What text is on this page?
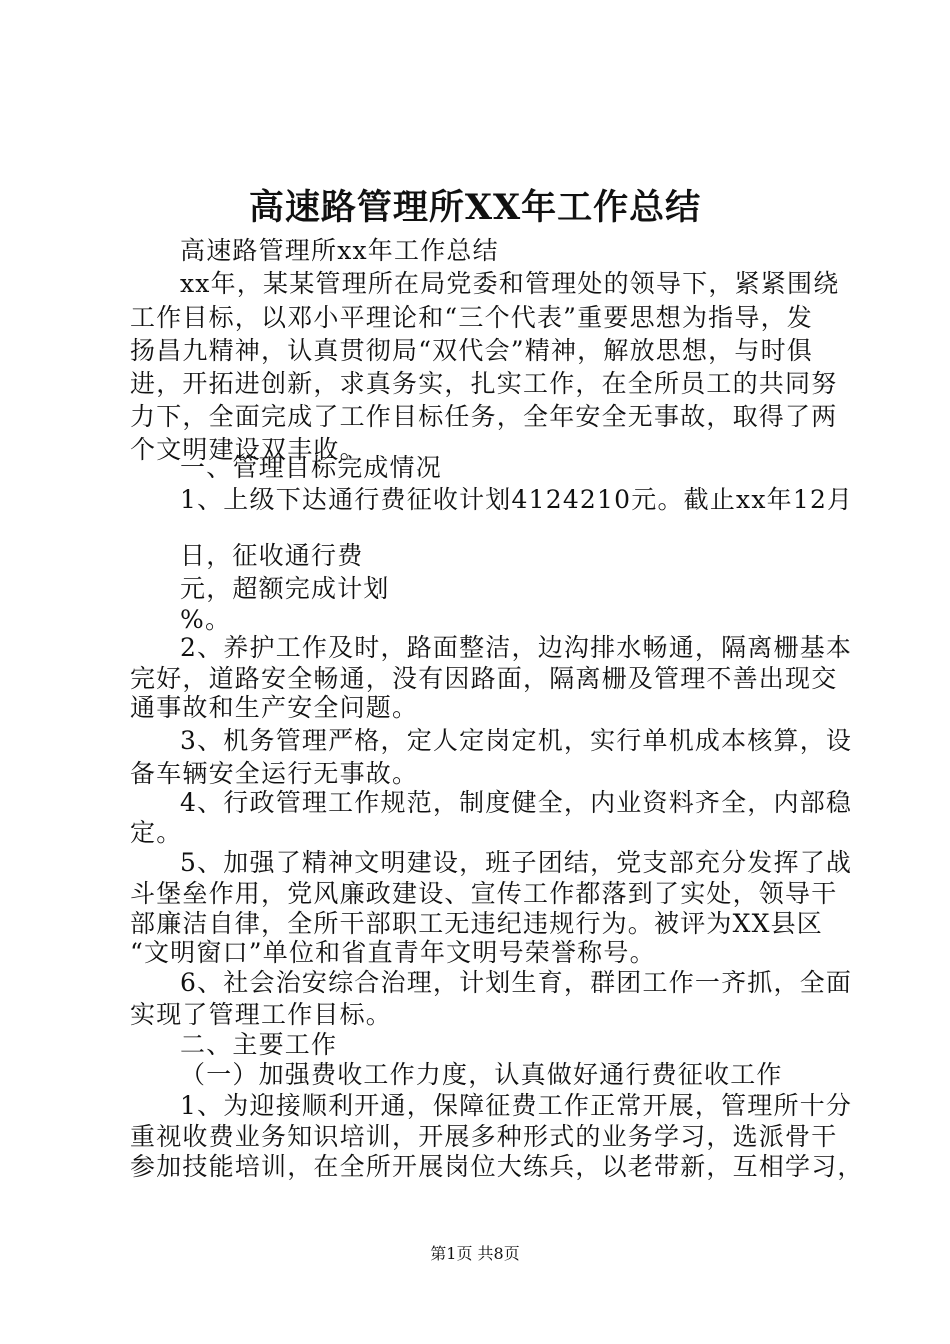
高速路管理所XX年工作总结
高速路管理所xx年工作总结
xx年，某某管理所在局党委和管理处的领导下，紧紧围绕
工作目标，以邓小平理论和“三个代表”重要思想为指导，发
扬昌九精神，认真贯彻局“双代会”精神，解放思想，与时俱
进，开拓进创新，求真务实，扎实工作，在全所员工的共同努
力下，全面完成了工作目标任务，全年安全无事故，取得了两
个文明建设双丰收。
一、管理目标完成情况
1、上级下达通行费征收计划4124210元。截止xx年12月
日，征收通行费
元，超额完成计划
%。
2、养护工作及时，路面整洁，边沟排水畅通，隔离栅基本
完好，道路安全畅通，没有因路面，隔离栅及管理不善出现交
通事故和生产安全问题。
3、机务管理严格，定人定岗定机，实行单机成本核算，设
备车辆安全运行无事故。
4、行政管理工作规范，制度健全，内业资料齐全，内部稳
定。
5、加强了精神文明建设，班子团结，党支部充分发挥了战
斗堡垒作用，党风廉政建设、宣传工作都落到了实处，领导干
部廉洁自律，全所干部职工无违纪违规行为。被评为XX县区
“文明窗口”单位和省直青年文明号荣誉称号。
6、社会治安综合治理，计划生育，群团工作一齐抓，全面
实现了管理工作目标。
二、主要工作
（一）加强费收工作力度，认真做好通行费征收工作
1、为迎接顺利开通，保障征费工作正常开展，管理所十分
重视收费业务知识培训，开展多种形式的业务学习，选派骨干
参加技能培训，在全所开展岗位大练兵，以老带新，互相学习，
第1页 共8页
